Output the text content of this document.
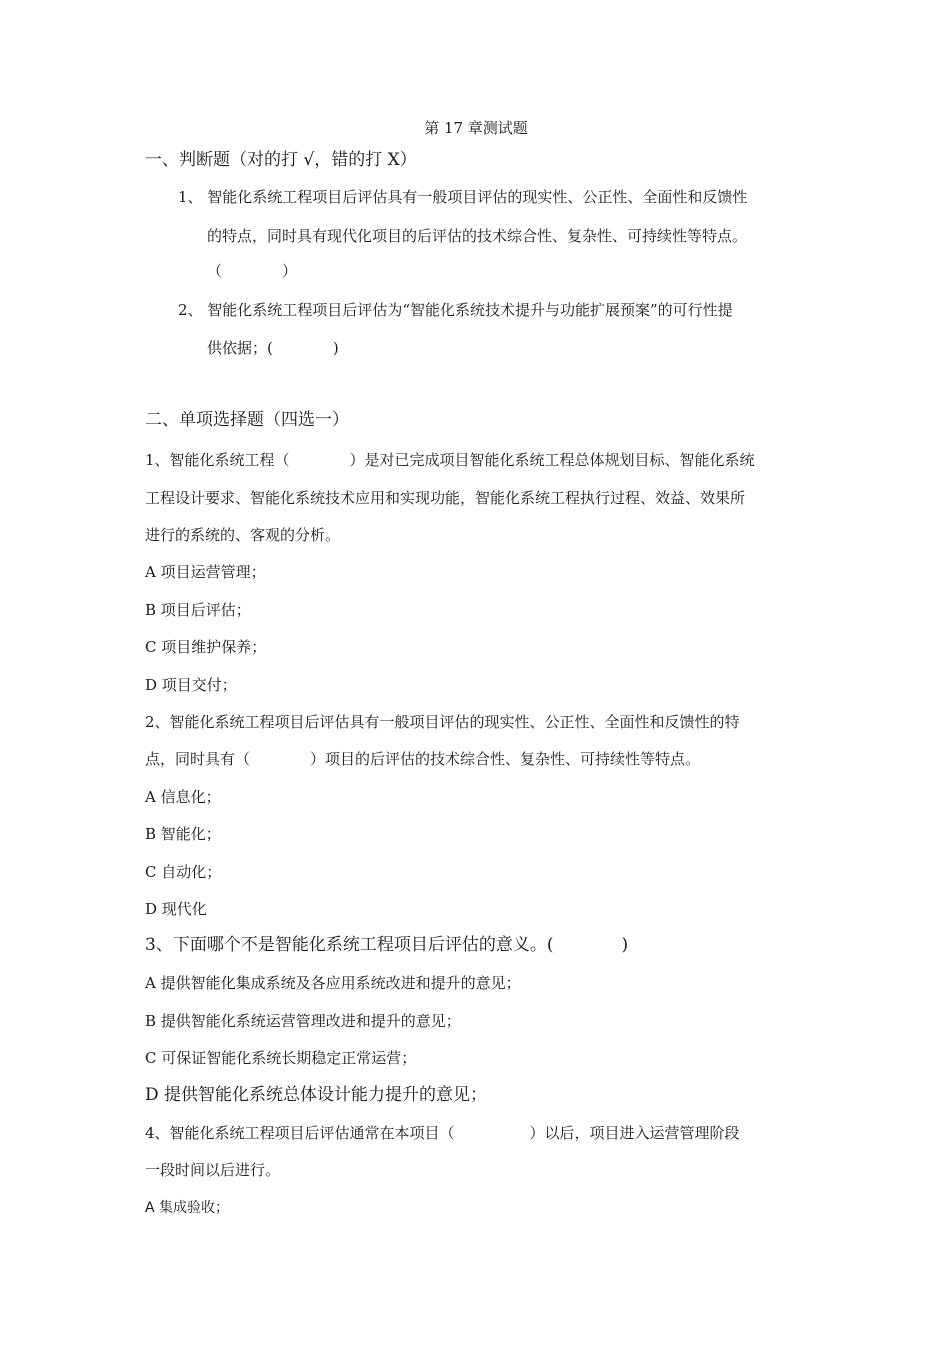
第 17 章测试题
一、判断题（对的打 √，错的打 X）
1、 智能化系统工程项目后评估具有一般项目评估的现实性、公正性、全面性和反馈性
的特点，同时具有现代化项目的后评估的技术综合性、复杂性、可持续性等特点。
（　　　　）
2、 智能化系统工程项目后评估为“智能化系统技术提升与功能扩展预案”的可行性提
供依据；(　　　　)
二、单项选择题（四选一）
1、智能化系统工程（　　　　）是对已完成项目智能化系统工程总体规划目标、智能化系统
工程设计要求、智能化系统技术应用和实现功能，智能化系统工程执行过程、效益、效果所
进行的系统的、客观的分析。
A 项目运营管理；
B 项目后评估；
C 项目维护保养；
D 项目交付；
2、智能化系统工程项目后评估具有一般项目评估的现实性、公正性、全面性和反馈性的特
点，同时具有（　　　　）项目的后评估的技术综合性、复杂性、可持续性等特点。
A 信息化；
B 智能化；
C 自动化；
D 现代化
3、下面哪个不是智能化系统工程项目后评估的意义。(　　　　)
A 提供智能化集成系统及各应用系统改进和提升的意见；
B 提供智能化系统运营管理改进和提升的意见；
C 可保证智能化系统长期稳定正常运营；
D 提供智能化系统总体设计能力提升的意见；
4、智能化系统工程项目后评估通常在本项目（　　　　　）以后，项目进入运营管理阶段
一段时间以后进行。
A 集成验收；
